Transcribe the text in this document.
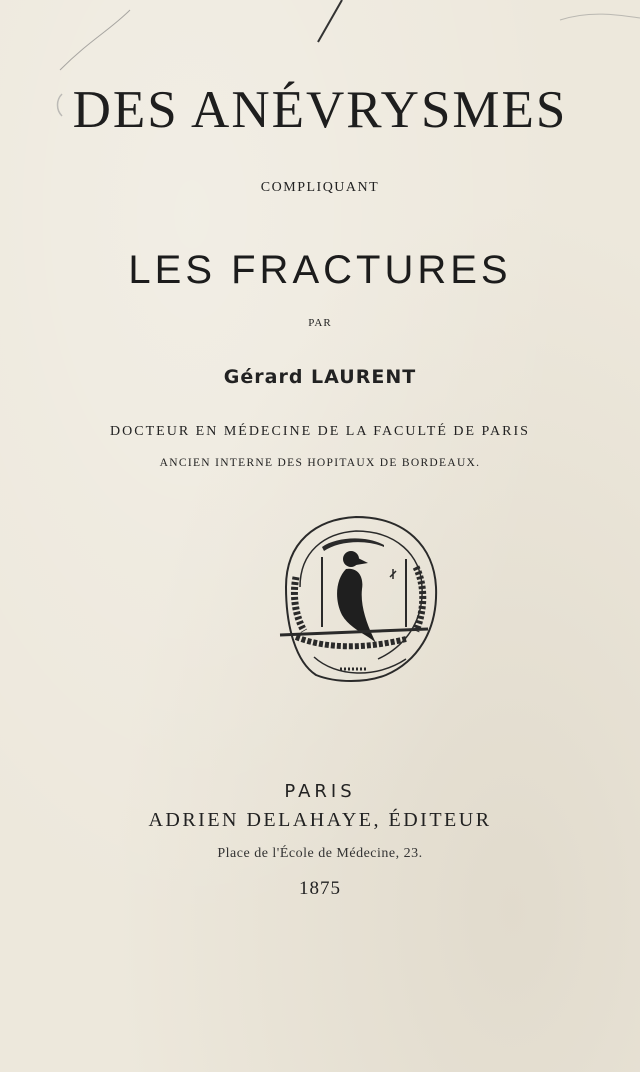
DES ANÉVRYSMES
COMPLIQUANT
LES FRACTURES
PAR
Gérard LAURENT
DOCTEUR EN MÉDECINE DE LA FACULTÉ DE PARIS
ANCIEN INTERNE DES HOPITAUX DE BORDEAUX.
PARIS
ADRIEN DELAHAYE, ÉDITEUR
Place de l'École de Médecine, 23.
1875
